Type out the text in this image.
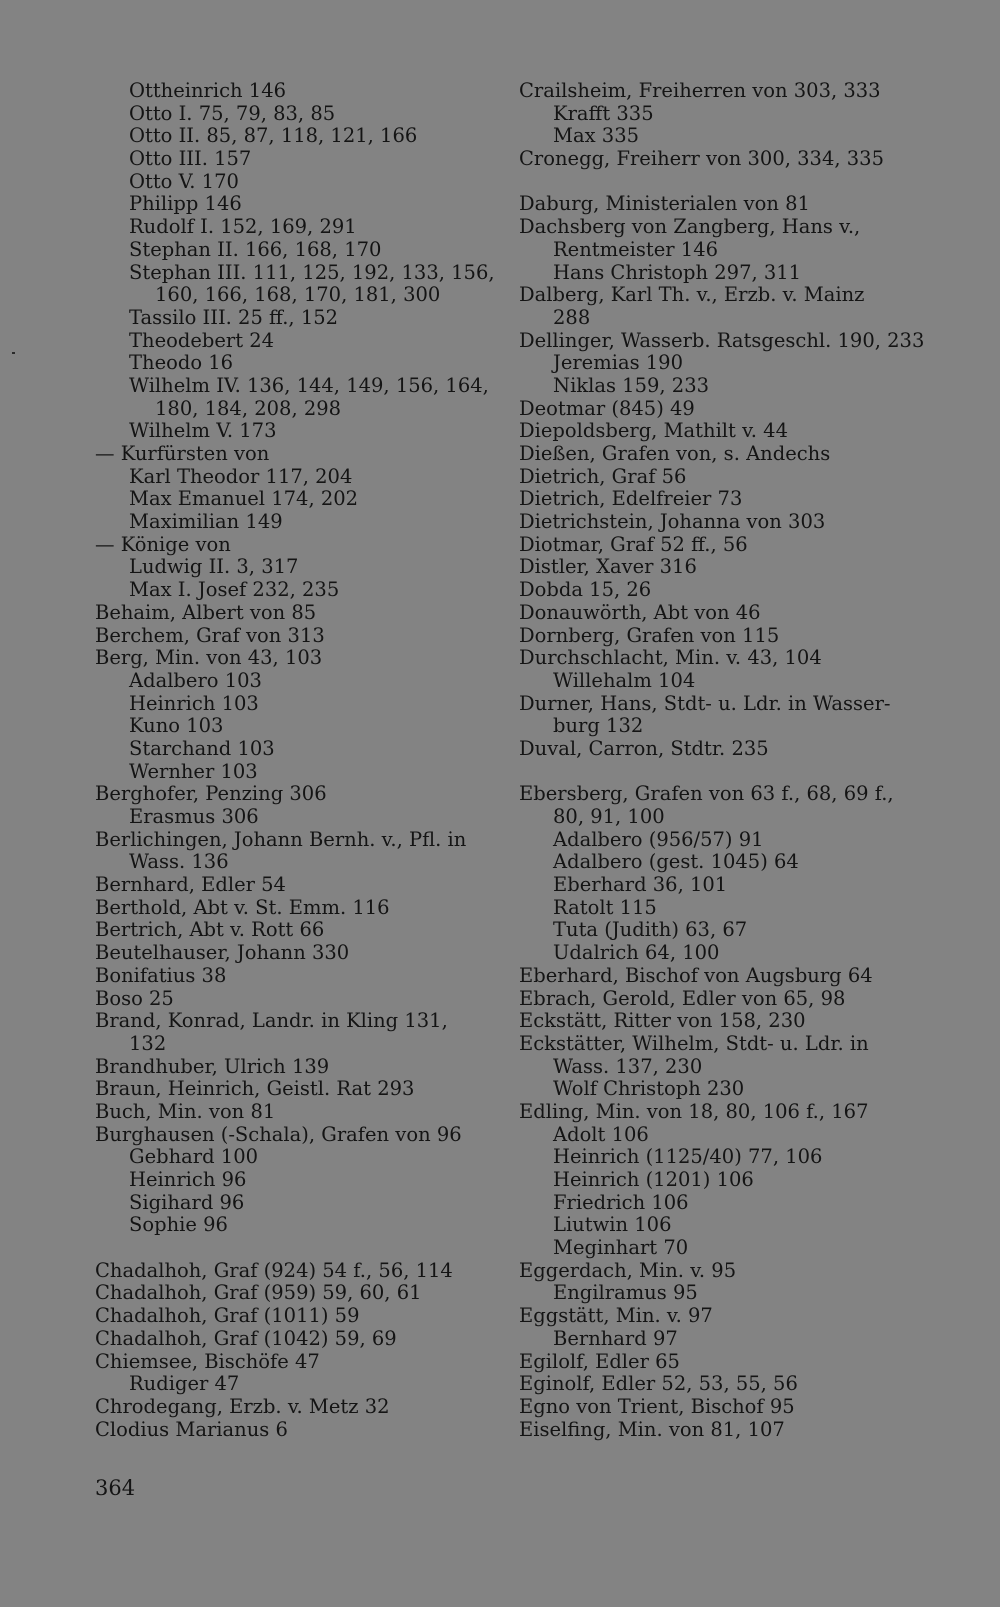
Ottheinrich 146
Otto I. 75, 79, 83, 85
Otto II. 85, 87, 118, 121, 166
Otto III. 157
Otto V. 170
Philipp 146
Rudolf I. 152, 169, 291
Stephan II. 166, 168, 170
Stephan III. 111, 125, 192, 133, 156,
160, 166, 168, 170, 181, 300
Tassilo III. 25 ff., 152
Theodebert 24
Theodo 16
Wilhelm IV. 136, 144, 149, 156, 164,
180, 184, 208, 298
Wilhelm V. 173
— Kurfürsten von
Karl Theodor 117, 204
Max Emanuel 174, 202
Maximilian 149
— Könige von
Ludwig II. 3, 317
Max I. Josef 232, 235
Behaim, Albert von 85
Berchem, Graf von 313
Berg, Min. von 43, 103
Adalbero 103
Heinrich 103
Kuno 103
Starchand 103
Wernher 103
Berghofer, Penzing 306
Erasmus 306
Berlichingen, Johann Bernh. v., Pfl. in
Wass. 136
Bernhard, Edler 54
Berthold, Abt v. St. Emm. 116
Bertrich, Abt v. Rott 66
Beutelhauser, Johann 330
Bonifatius 38
Boso 25
Brand, Konrad, Landr. in Kling 131,
132
Brandhuber, Ulrich 139
Braun, Heinrich, Geistl. Rat 293
Buch, Min. von 81
Burghausen (-Schala), Grafen von 96
Gebhard 100
Heinrich 96
Sigihard 96
Sophie 96
Chadalhoh, Graf (924) 54 f., 56, 114
Chadalhoh, Graf (959) 59, 60, 61
Chadalhoh, Graf (1011) 59
Chadalhoh, Graf (1042) 59, 69
Chiemsee, Bischöfe 47
Rudiger 47
Chrodegang, Erzb. v. Metz 32
Clodius Marianus 6
Crailsheim, Freiherren von 303, 333
Krafft 335
Max 335
Cronegg, Freiherr von 300, 334, 335
Daburg, Ministerialen von 81
Dachsberg von Zangberg, Hans v.,
Rentmeister 146
Hans Christoph 297, 311
Dalberg, Karl Th. v., Erzb. v. Mainz
288
Dellinger, Wasserb. Ratsgeschl. 190, 233
Jeremias 190
Niklas 159, 233
Deotmar (845) 49
Diepoldsberg, Mathilt v. 44
Dießen, Grafen von, s. Andechs
Dietrich, Graf 56
Dietrich, Edelfreier 73
Dietrichstein, Johanna von 303
Diotmar, Graf 52 ff., 56
Distler, Xaver 316
Dobda 15, 26
Donauwörth, Abt von 46
Dornberg, Grafen von 115
Durchschlacht, Min. v. 43, 104
Willehalm 104
Durner, Hans, Stdt- u. Ldr. in Wasser-
burg 132
Duval, Carron, Stdtr. 235
Ebersberg, Grafen von 63 f., 68, 69 f.,
80, 91, 100
Adalbero (956/57) 91
Adalbero (gest. 1045) 64
Eberhard 36, 101
Ratolt 115
Tuta (Judith) 63, 67
Udalrich 64, 100
Eberhard, Bischof von Augsburg 64
Ebrach, Gerold, Edler von 65, 98
Eckstätt, Ritter von 158, 230
Eckstätter, Wilhelm, Stdt- u. Ldr. in
Wass. 137, 230
Wolf Christoph 230
Edling, Min. von 18, 80, 106 f., 167
Adolt 106
Heinrich (1125/40) 77, 106
Heinrich (1201) 106
Friedrich 106
Liutwin 106
Meginhart 70
Eggerdach, Min. v. 95
Engilramus 95
Eggstätt, Min. v. 97
Bernhard 97
Egilolf, Edler 65
Eginolf, Edler 52, 53, 55, 56
Egno von Trient, Bischof 95
Eiselfing, Min. von 81, 107
364
